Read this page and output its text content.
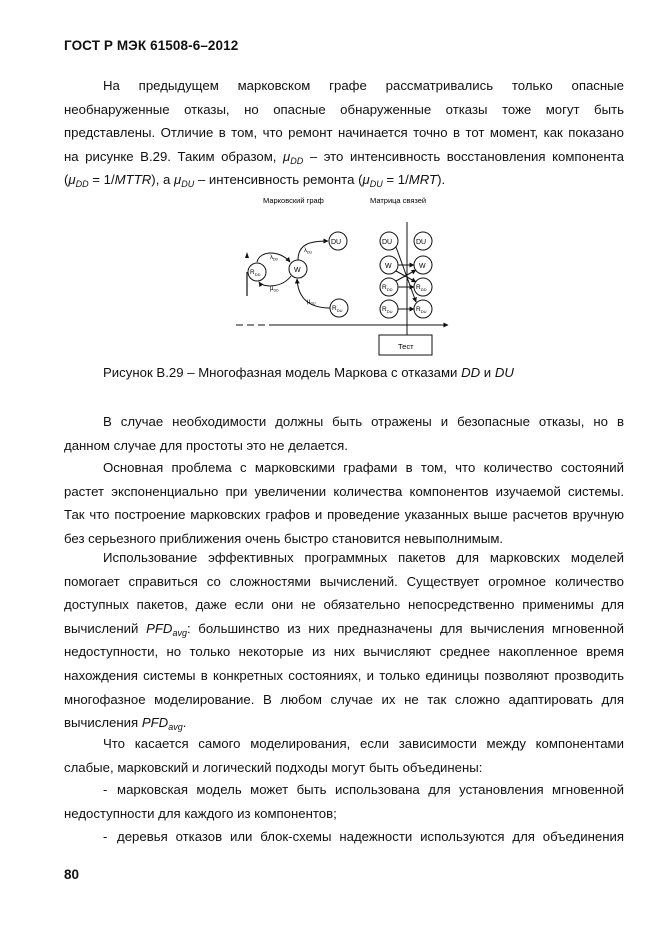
ГОСТ Р МЭК 61508-6–2012

На предыдущем марковском графе рассматривались только опасные

необнаруженные отказы, но опасные обнаруженные отказы тоже могут быть
представлены. Отличие в том, что ремонт начинается точно в тот момент, как показано
на рисунке В.29. Таким образом, $\mu_{DD}$ – это интенсивность восстановления компонента
($\mu_{DD}$ = 1/MTTR), а $\mu_{DU}$ – интенсивность ремонта $(\mu_{DU} = 1/MRT)$.

Марковский граф	Матрица связей
$R_{DD}$
W
DU
$R_{DU}$
$\lambda_{DD}$
$\mu_{DD}$
$\lambda_{DU}$
$\mu_{DU}$
DU	DU
W	W
$R_{DD}$	$R_{DD}$
$R_{DU}$	$R_{DU}$
Тест
Рисунок В.29 – Многофазная модель Маркова с отказами DD и DU

В случае необходимости должны быть отражены и безопасные отказы, но в

данном случае для простоты это не делается.

Основная проблема с марковскими графами в том, что количество состояний

растет экспоненциально при увеличении количества компонентов изучаемой системы.
Так что построение марковских графов и проведение указанных выше расчетов вручную
без серьезного приближения очень быстро становится невыполнимым.

Использование эффективных программных пакетов для марковских моделей

помогает справиться со сложностями вычислений. Существует огромное количество
доступных пакетов, даже если они не обязательно непосредственно применимы для
вычислений $PFD_{avg}$: большинство из них предназначены для вычисления мгновенной
недоступности, но только некоторые из них вычисляют среднее накопленное время
нахождения системы в конкретных состояниях, и только единицы позволяют прозводить
многофазное моделирование. В любом случае их не так сложно адаптировать для
вычисления $PFD_{avg}$.

Что касается самого моделирования, если зависимости между компонентами

слабые, марковский и логический подходы могут быть объединены:

- марковская модель может быть использована для установления мгновенной
недоступности для каждого из компонентов;
- деревья отказов или блок-схемы надежности используются для объединения
80
